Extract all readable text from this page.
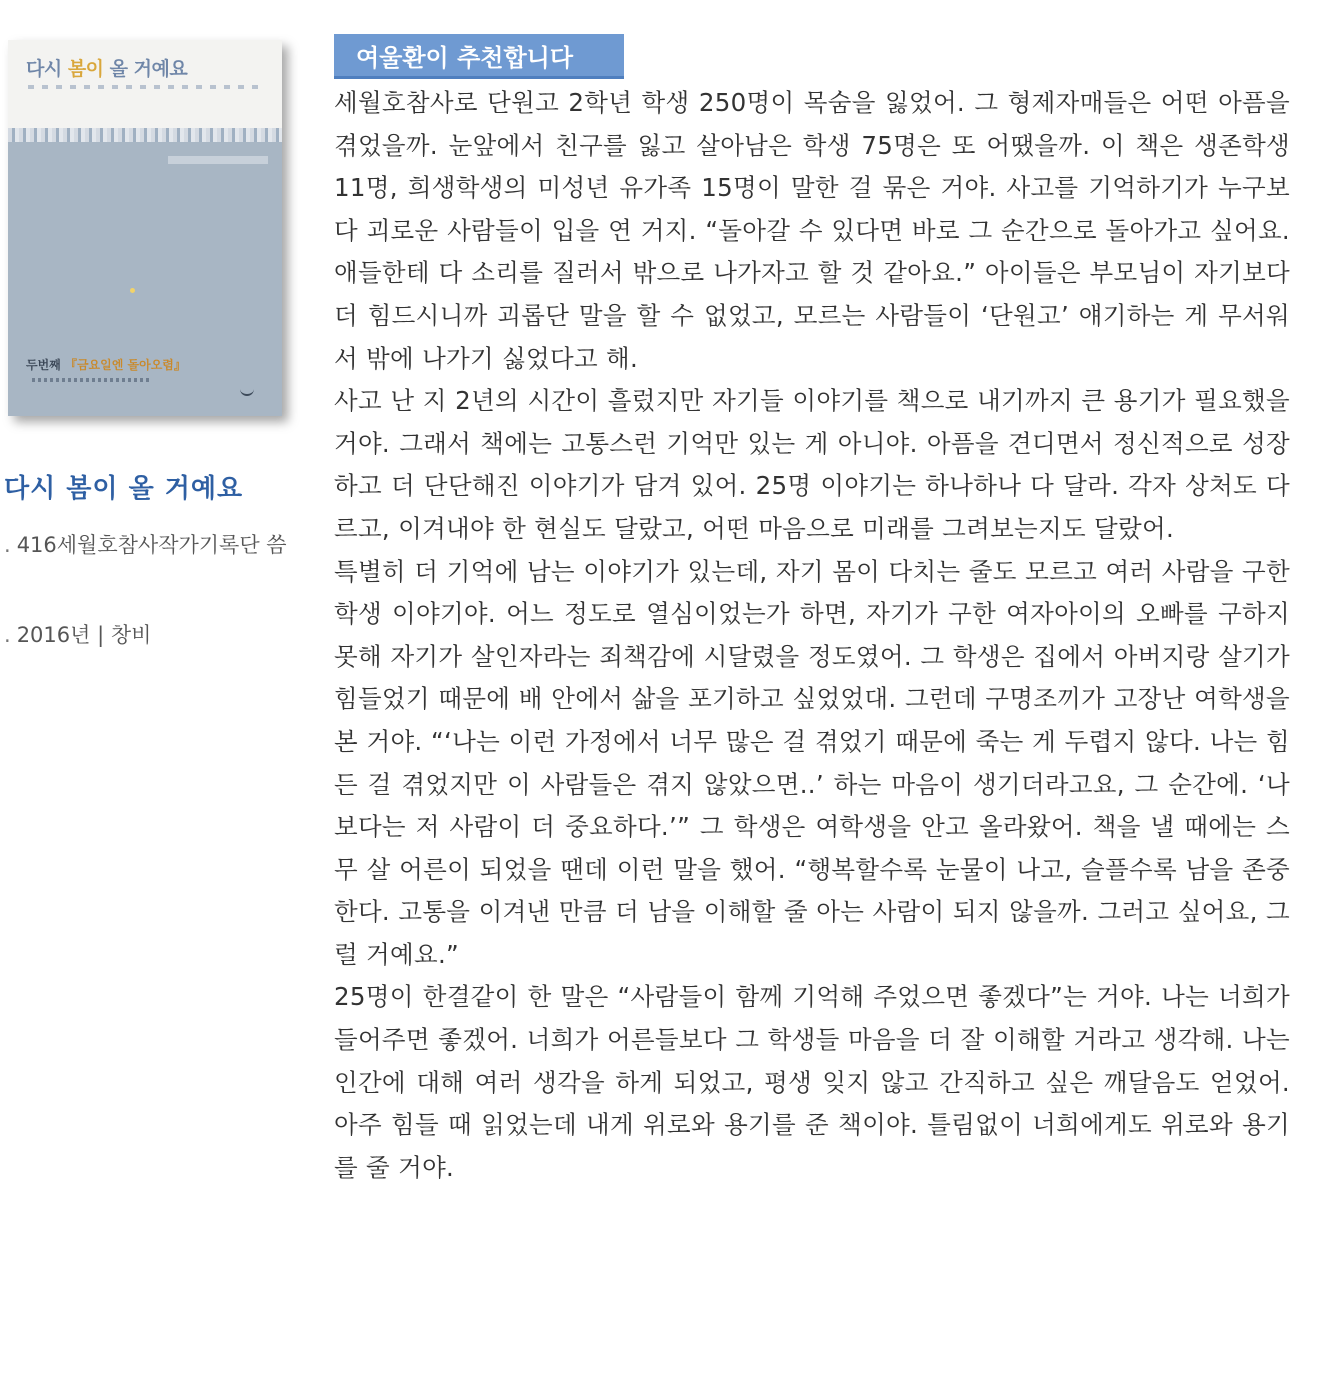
다시 봄이 올 거예요
두번째 『금요일엔 돌아오렴』
다시 봄이 올 거예요
. 416세월호참사작가기록단 씀
. 2016년 | 창비
여울환이 추천합니다

세월호참사로 단원고 2학년 학생 250명이 목숨을 잃었어. 그 형제자매들은 어떤 아픔을 겪었을까. 눈앞에서 친구를 잃고 살아남은 학생 75명은 또 어땠을까. 이 책은 생존학생 11명, 희생학생의 미성년 유가족 15명이 말한 걸 묶은 거야. 사고를 기억하기가 누구보다 괴로운 사람들이 입을 연 거지. “돌아갈 수 있다면 바로 그 순간으로 돌아가고 싶어요. 애들한테 다 소리를 질러서 밖으로 나가자고 할 것 같아요.” 아이들은 부모님이 자기보다 더 힘드시니까 괴롭단 말을 할 수 없었고, 모르는 사람들이 ‘단원고’ 얘기하는 게 무서워서 밖에 나가기 싫었다고 해.

사고 난 지 2년의 시간이 흘렀지만 자기들 이야기를 책으로 내기까지 큰 용기가 필요했을 거야. 그래서 책에는 고통스런 기억만 있는 게 아니야. 아픔을 견디면서 정신적으로 성장하고 더 단단해진 이야기가 담겨 있어. 25명 이야기는 하나하나 다 달라. 각자 상처도 다르고, 이겨내야 한 현실도 달랐고, 어떤 마음으로 미래를 그려보는지도 달랐어.

특별히 더 기억에 남는 이야기가 있는데, 자기 몸이 다치는 줄도 모르고 여러 사람을 구한 학생 이야기야. 어느 정도로 열심이었는가 하면, 자기가 구한 여자아이의 오빠를 구하지 못해 자기가 살인자라는 죄책감에 시달렸을 정도였어. 그 학생은 집에서 아버지랑 살기가 힘들었기 때문에 배 안에서 삶을 포기하고 싶었었대. 그런데 구명조끼가 고장난 여학생을 본 거야. “‘나는 이런 가정에서 너무 많은 걸 겪었기 때문에 죽는 게 두렵지 않다. 나는 힘든 걸 겪었지만 이 사람들은 겪지 않았으면..’ 하는 마음이 생기더라고요, 그 순간에. ‘나보다는 저 사람이 더 중요하다.’” 그 학생은 여학생을 안고 올라왔어. 책을 낼 때에는 스무 살 어른이 되었을 땐데 이런 말을 했어. “행복할수록 눈물이 나고, 슬플수록 남을 존중한다. 고통을 이겨낸 만큼 더 남을 이해할 줄 아는 사람이 되지 않을까. 그러고 싶어요, 그럴 거예요.”

25명이 한결같이 한 말은 “사람들이 함께 기억해 주었으면 좋겠다”는 거야. 나는 너희가 들어주면 좋겠어. 너희가 어른들보다 그 학생들 마음을 더 잘 이해할 거라고 생각해. 나는 인간에 대해 여러 생각을 하게 되었고, 평생 잊지 않고 간직하고 싶은 깨달음도 얻었어. 아주 힘들 때 읽었는데 내게 위로와 용기를 준 책이야. 틀림없이 너희에게도 위로와 용기를 줄 거야.
